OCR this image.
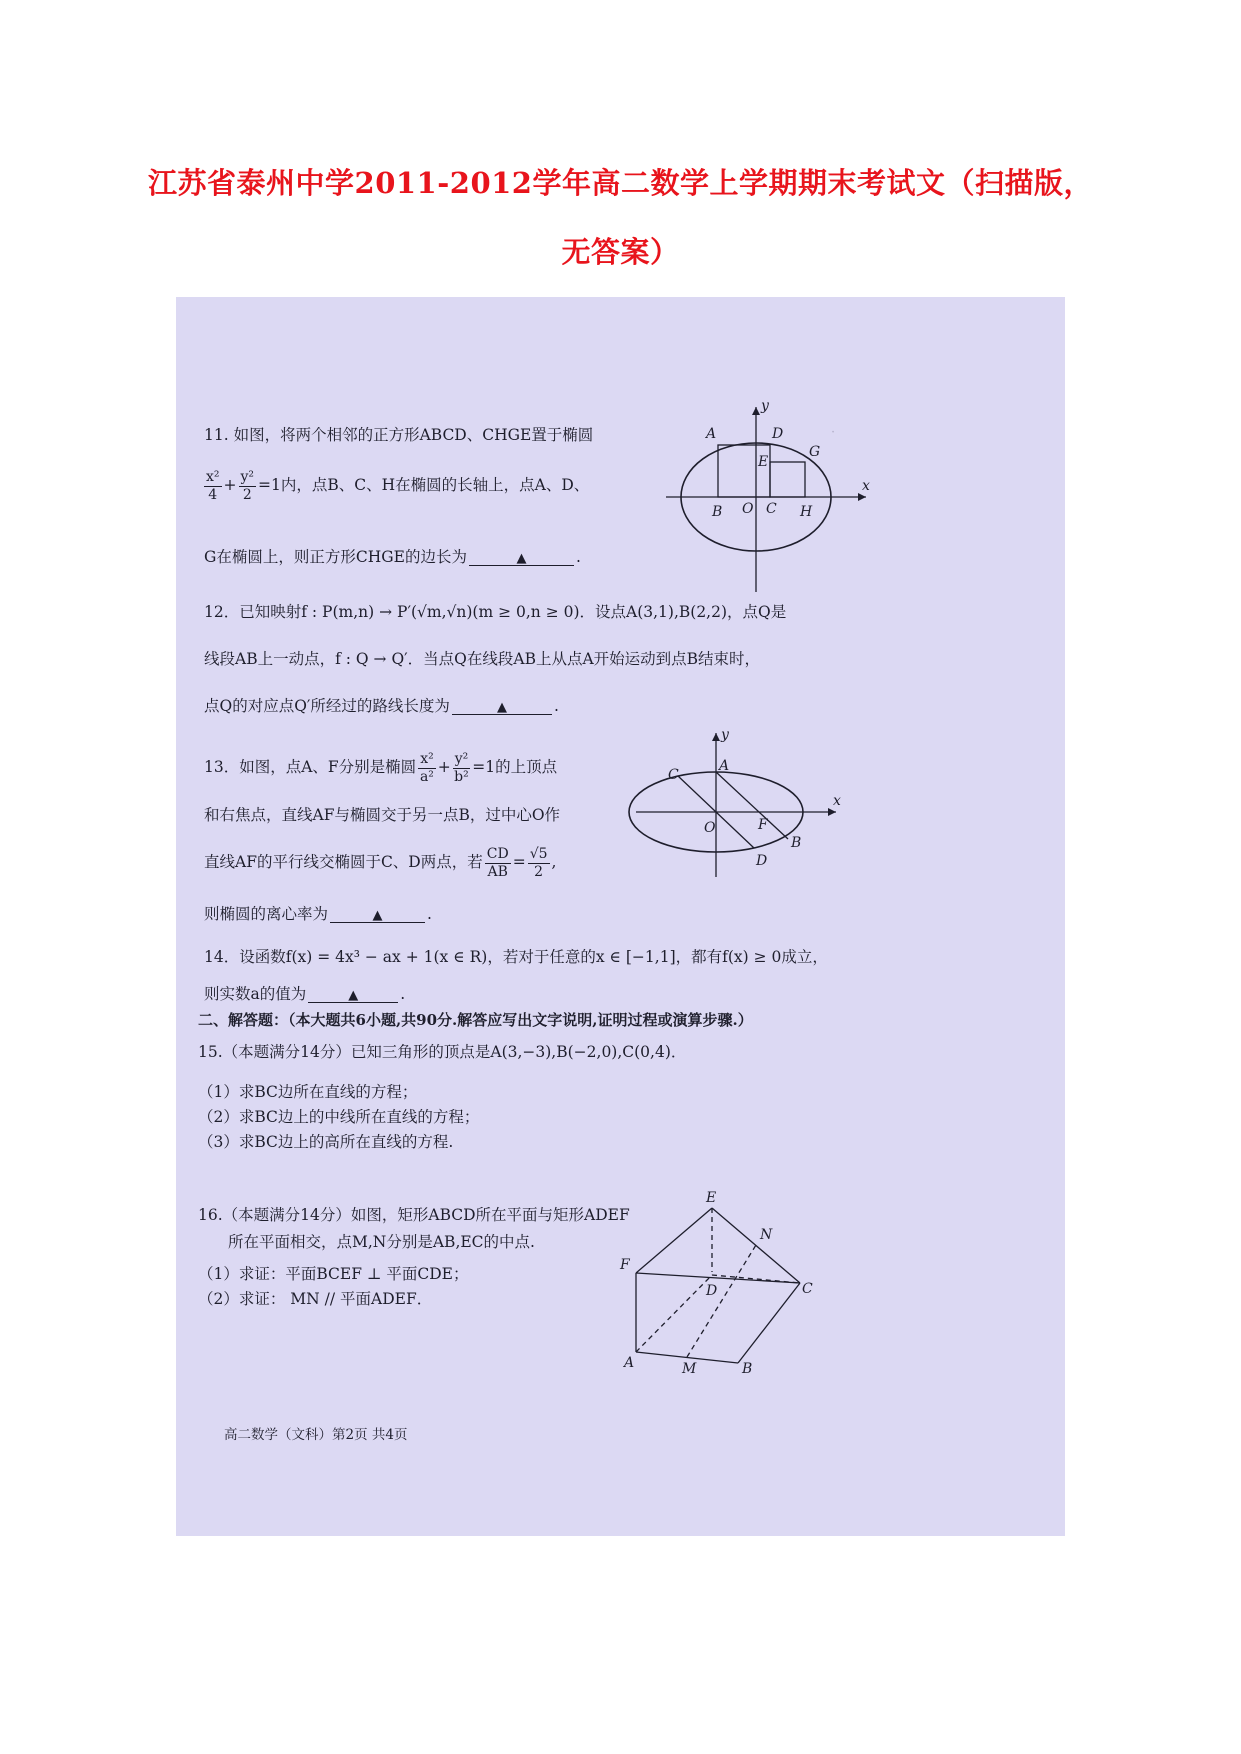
江苏省泰州中学2011-2012学年高二数学上学期期末考试文（扫描版，
无答案）
·
11. 如图，将两个相邻的正方形ABCD、CHGE置于椭圆
$\frac{\text{x²}}{4} + \frac{\text{y²}}{2} =1$内，点B、C、H在椭圆的长轴上，点A、D、
G在椭圆上，则正方形CHGE的边长为	▲	.
A	D
G
E
B O C H
x
y
12．已知映射f : P(m,n) → P′(√m,√n)(m ≥ 0,n ≥ 0)．设点A(3,1),B(2,2)，点Q是
线段AB上一动点，f : Q → Q′．当点Q在线段AB上从点A开始运动到点B结束时，
点Q的对应点Q′所经过的路线长度为	▲	.
13．如图，点A、F分别是椭圆 $\frac{\text{x²}}{\text{a²}} + \frac{\text{y²}}{\text{b²}} =1$的上顶点
和右焦点，直线AF与椭圆交于另一点B，过中心O作
直线AF的平行线交椭圆于C、D两点，若 $\frac{CD}{AB} = \frac{√5}{2}$ ,
则椭圆的离心率为	▲	.
C
A
O	F
B
D
x
y
14．设函数f(x) = 4x³ − ax + 1(x ∈ R)，若对于任意的x ∈ [−1,1]，都有f(x) ≥ 0成立，
则实数a的值为	▲	.
二、解答题：（本大题共6小题,共90分.解答应写出文字说明,证明过程或演算步骤.）
15.（本题满分14分）已知三角形的顶点是A(3,−3),B(−2,0),C(0,4)．
（1）求BC边所在直线的方程；
（2）求BC边上的中线所在直线的方程；
（3）求BC边上的高所在直线的方程.
16.（本题满分14分）如图，矩形ABCD所在平面与矩形ADEF
所在平面相交，点M,N分别是AB,EC的中点.
（1）求证：平面BCEF ⊥ 平面CDE；
（2）求证： MN // 平面ADEF．
E
N
F
D	C
A	M	B
高二数学（文科）第2页 共4页
